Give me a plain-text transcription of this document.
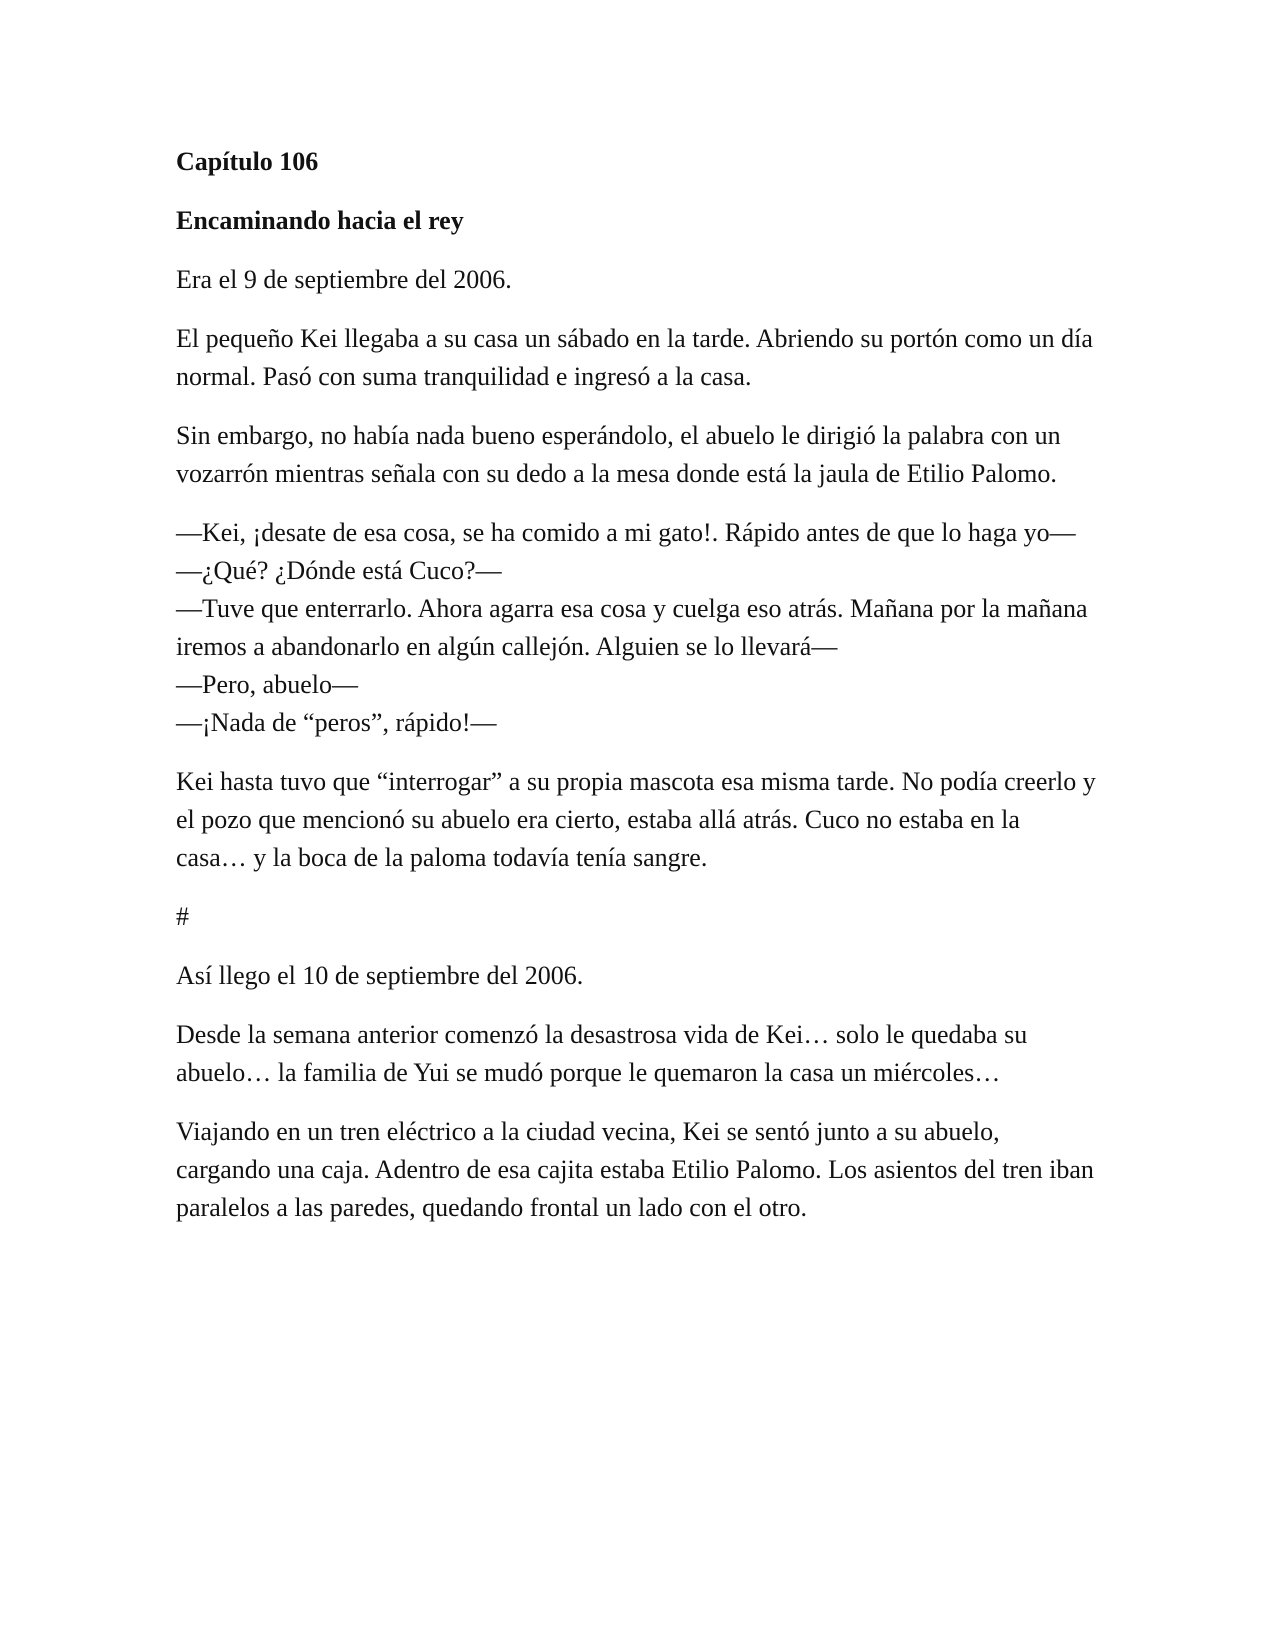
Capítulo 106

Encaminando hacia el rey

Era el 9 de septiembre del 2006.

El pequeño Kei llegaba a su casa un sábado en la tarde. Abriendo su portón como un día normal. Pasó con suma tranquilidad e ingresó a la casa.

Sin embargo, no había nada bueno esperándolo, el abuelo le dirigió la palabra con un vozarrón mientras señala con su dedo a la mesa donde está la jaula de Etilio Palomo.

—Kei, ¡desate de esa cosa, se ha comido a mi gato!. Rápido antes de que lo haga yo—
—¿Qué? ¿Dónde está Cuco?—
—Tuve que enterrarlo. Ahora agarra esa cosa y cuelga eso atrás. Mañana por la mañana iremos a abandonarlo en algún callejón. Alguien se lo llevará—
—Pero, abuelo—
—¡Nada de “peros”, rápido!—

Kei hasta tuvo que “interrogar” a su propia mascota esa misma tarde. No podía creerlo y el pozo que mencionó su abuelo era cierto, estaba allá atrás. Cuco no estaba en la casa… y la boca de la paloma todavía tenía sangre.

#

Así llego el 10 de septiembre del 2006.

Desde la semana anterior comenzó la desastrosa vida de Kei… solo le quedaba su abuelo… la familia de Yui se mudó porque le quemaron la casa un miércoles…

Viajando en un tren eléctrico a la ciudad vecina, Kei se sentó junto a su abuelo, cargando una caja. Adentro de esa cajita estaba Etilio Palomo. Los asientos del tren iban paralelos a las paredes, quedando frontal un lado con el otro.
